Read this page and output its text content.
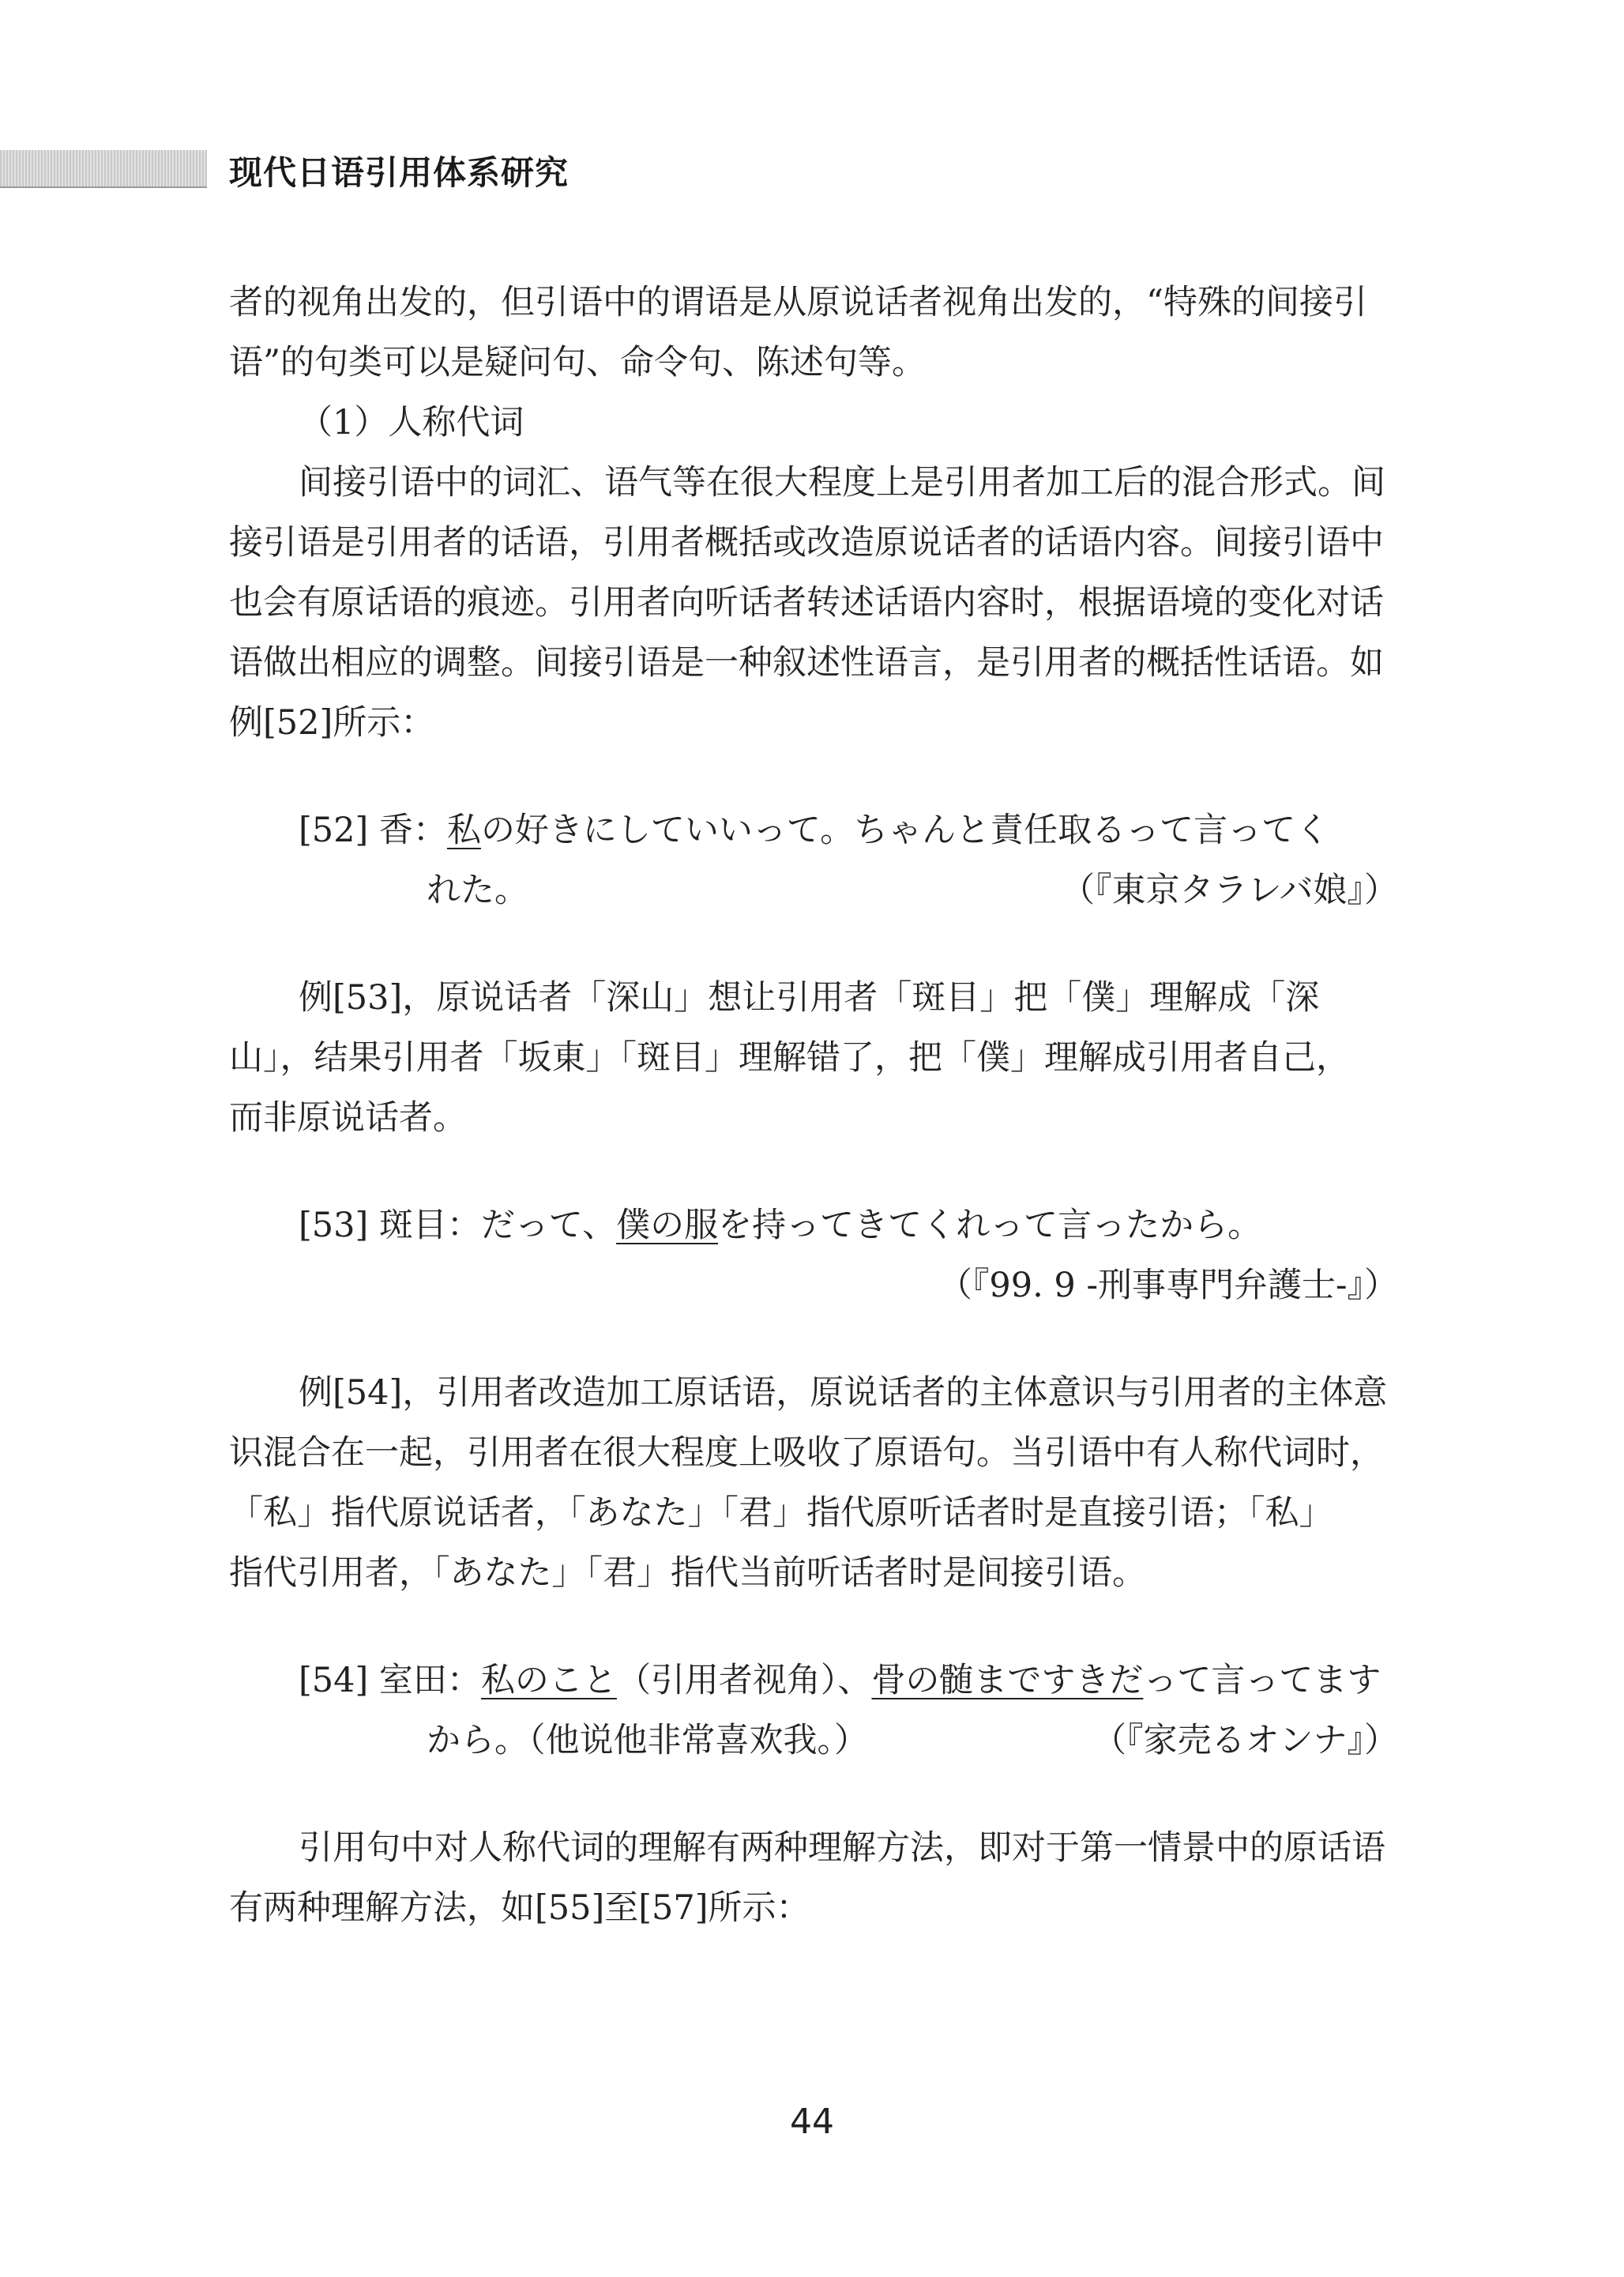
现代日语引用体系研究
者的视角出发的，但引语中的谓语是从原说话者视角出发的，“特殊的间接引
语”的句类可以是疑问句、命令句、陈述句等。
（1）人称代词
间接引语中的词汇、语气等在很大程度上是引用者加工后的混合形式。间
接引语是引用者的话语，引用者概括或改造原说话者的话语内容。间接引语中
也会有原话语的痕迹。引用者向听话者转述话语内容时，根据语境的变化对话
语做出相应的调整。间接引语是一种叙述性语言，是引用者的概括性话语。如
例[52]所示：
[52] 香：私の好きにしていいって。ちゃんと責任取るって言ってく
れた。	（『東京タラレバ娘』）
例[53]，原说话者「深山」想让引用者「斑目」把「僕」理解成「深
山」，结果引用者「坂東」「斑目」理解错了，把「僕」理解成引用者自己，
而非原说话者。
[53] 斑目：だって、僕の服を持ってきてくれって言ったから。
（『99. 9 -刑事専門弁護士-』）
例[54]，引用者改造加工原话语，原说话者的主体意识与引用者的主体意
识混合在一起，引用者在很大程度上吸收了原语句。当引语中有人称代词时，
「私」指代原说话者，「あなた」「君」指代原听话者时是直接引语；「私」
指代引用者，「あなた」「君」指代当前听话者时是间接引语。
[54] 室田：私のこと（引用者视角）、骨の髄まですきだって言ってます
から。（他说他非常喜欢我。）	（『家売るオンナ』）
引用句中对人称代词的理解有两种理解方法，即对于第一情景中的原话语
有两种理解方法，如[55]至[57]所示：
44
